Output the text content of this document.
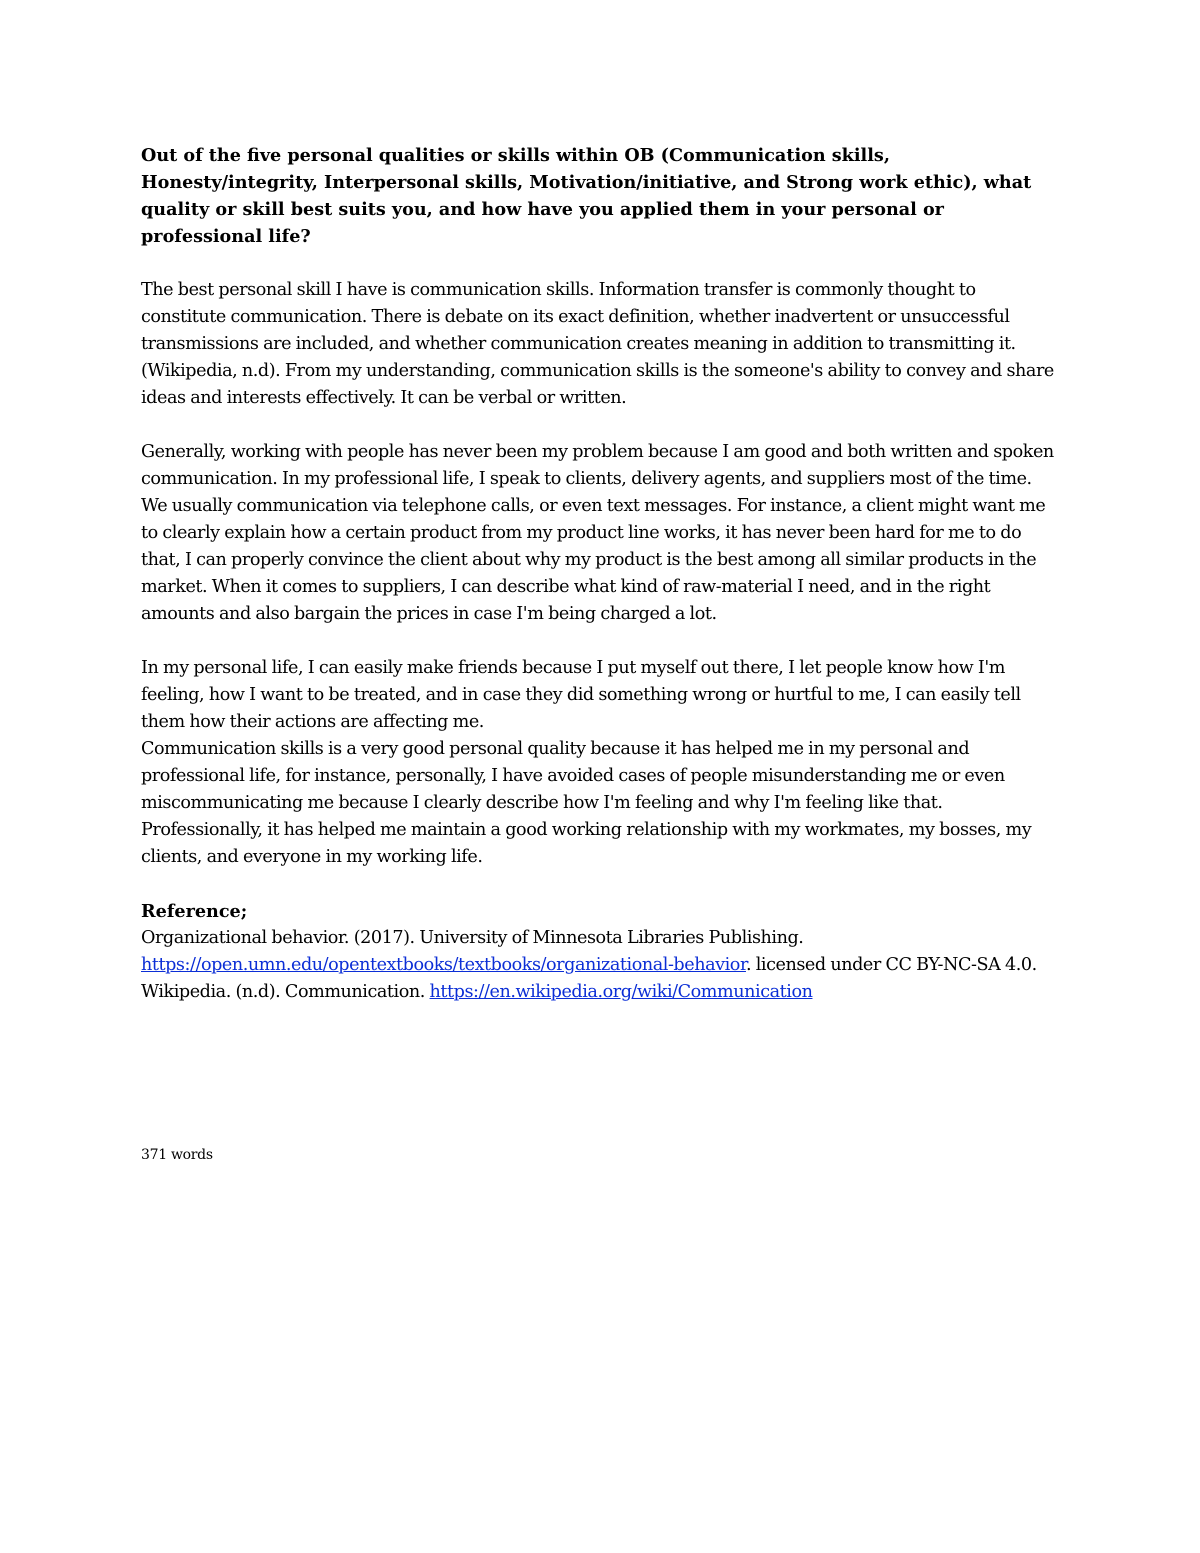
Out of the five personal qualities or skills within OB (Communication skills, Honesty/integrity, Interpersonal skills, Motivation/initiative, and Strong work ethic), what quality or skill best suits you, and how have you applied them in your personal or professional life?

The best personal skill I have is communication skills. Information transfer is commonly thought to constitute communication. There is debate on its exact definition, whether inadvertent or unsuccessful transmissions are included, and whether communication creates meaning in addition to transmitting it. (Wikipedia, n.d). From my understanding, communication skills is the someone's ability to convey and share ideas and interests effectively. It can be verbal or written.

Generally, working with people has never been my problem because I am good and both written and spoken communication. In my professional life, I speak to clients, delivery agents, and suppliers most of the time. We usually communication via telephone calls, or even text messages. For instance, a client might want me to clearly explain how a certain product from my product line works, it has never been hard for me to do that, I can properly convince the client about why my product is the best among all similar products in the market. When it comes to suppliers, I can describe what kind of raw-material I need, and in the right amounts and also bargain the prices in case I'm being charged a lot.

In my personal life, I can easily make friends because I put myself out there, I let people know how I'm feeling, how I want to be treated, and in case they did something wrong or hurtful to me, I can easily tell them how their actions are affecting me.

Communication skills is a very good personal quality because it has helped me in my personal and professional life, for instance, personally, I have avoided cases of people misunderstanding me or even miscommunicating me because I clearly describe how I'm feeling and why I'm feeling like that. Professionally, it has helped me maintain a good working relationship with my workmates, my bosses, my clients, and everyone in my working life.

Reference;

Organizational behavior. (2017). University of Minnesota Libraries Publishing. https://open.umn.edu/opentextbooks/textbooks/organizational-behavior. licensed under CC BY-NC-SA 4.0.

Wikipedia. (n.d). Communication. https://en.wikipedia.org/wiki/Communication

371 words
